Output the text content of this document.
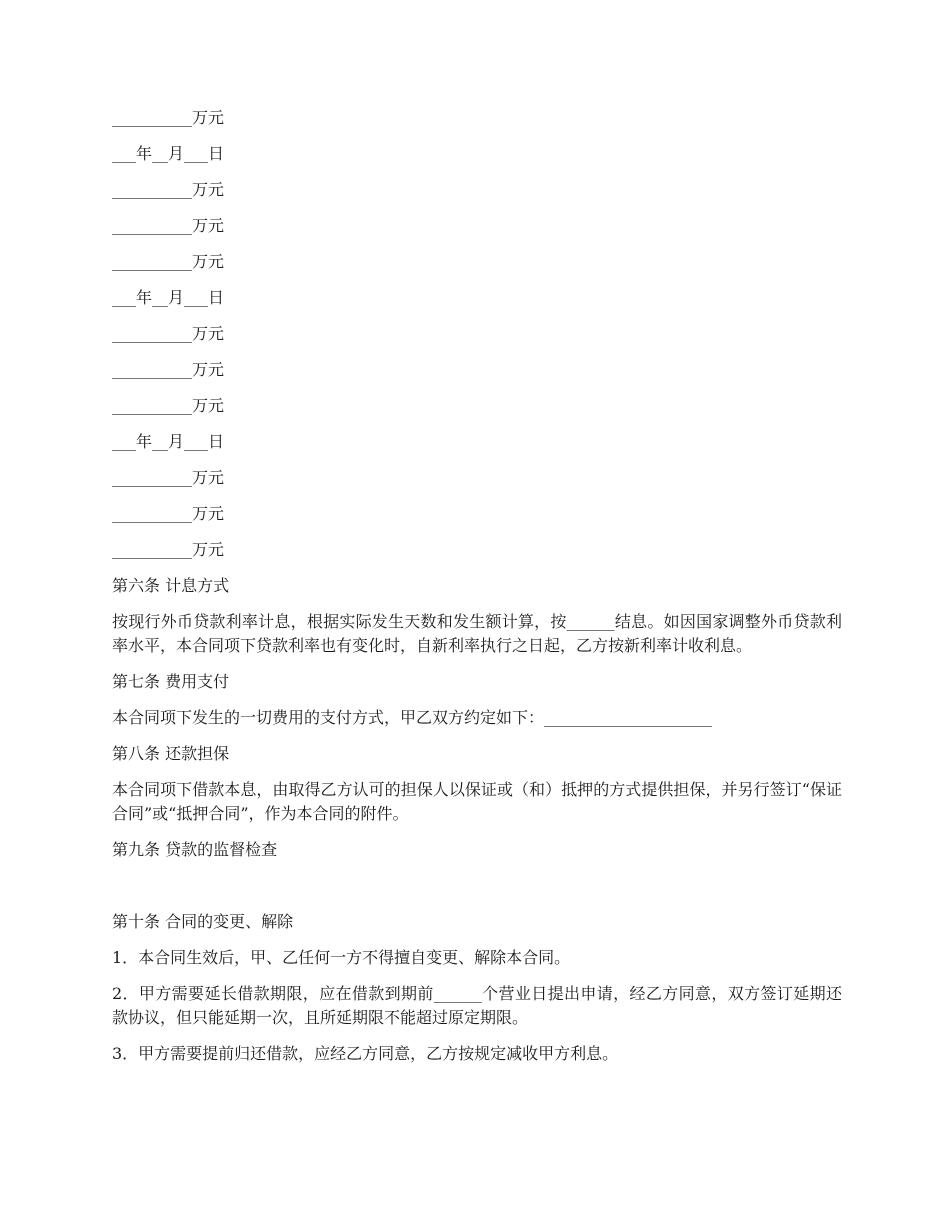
__________万元
___年__月___日
__________万元
__________万元
__________万元
___年__月___日
__________万元
__________万元
__________万元
___年__月___日
__________万元
__________万元
__________万元
第六条 计息方式
按现行外币贷款利率计息，根据实际发生天数和发生额计算，按______结息。如因国家调整外币贷款利率水平，本合同项下贷款利率也有变化时，自新利率执行之日起，乙方按新利率计收利息。
第七条 费用支付
本合同项下发生的一切费用的支付方式，甲乙双方约定如下：_____________________
第八条 还款担保
本合同项下借款本息，由取得乙方认可的担保人以保证或（和）抵押的方式提供担保，并另行签订“保证合同”或“抵押合同”，作为本合同的附件。
第九条 贷款的监督检查
第十条 合同的变更、解除
1．本合同生效后，甲、乙任何一方不得擅自变更、解除本合同。
2．甲方需要延长借款期限，应在借款到期前______个营业日提出申请，经乙方同意，双方签订延期还款协议，但只能延期一次，且所延期限不能超过原定期限。
3．甲方需要提前归还借款，应经乙方同意，乙方按规定减收甲方利息。
